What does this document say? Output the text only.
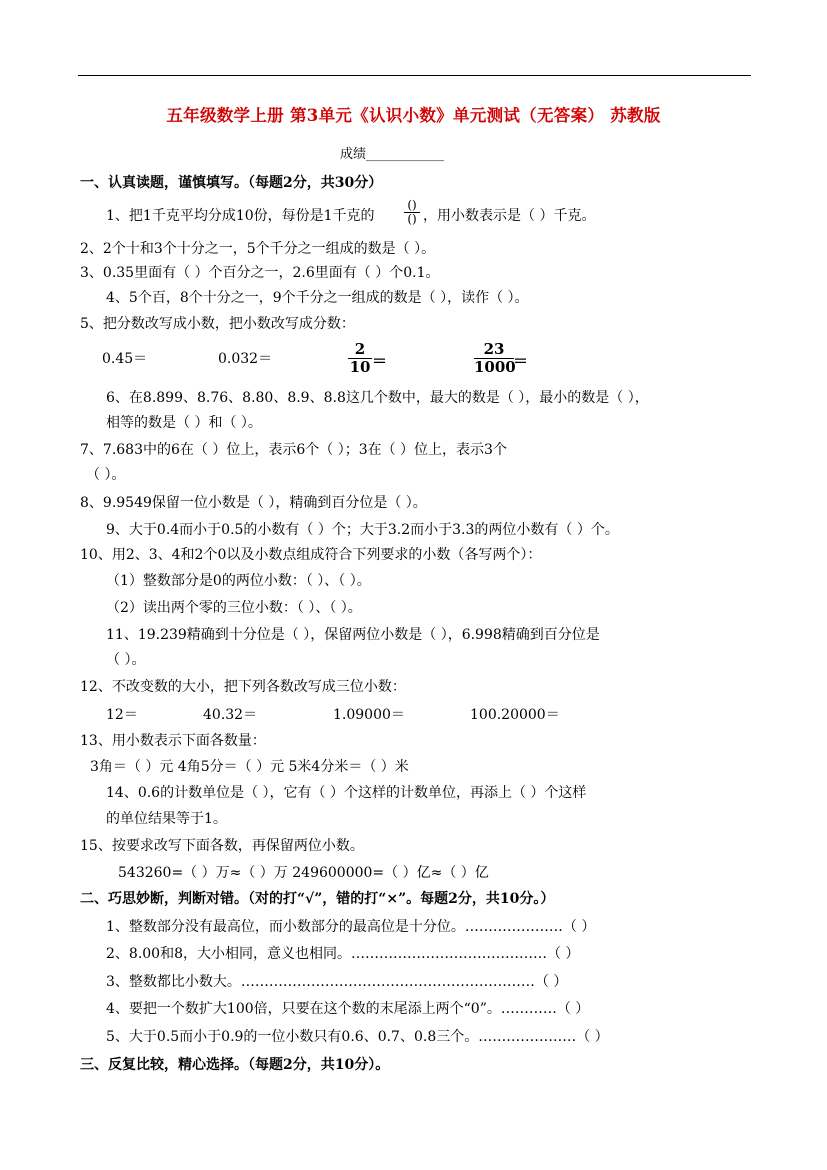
五年级数学上册 第3单元《认识小数》单元测试（无答案） 苏教版
成绩____________
一、认真读题，谨慎填写。（每题2分，共30分）
1、把1千克平均分成10份，每份是1千克的
()
() ，用小数表示是（ ）千克。
2、2个十和3个十分之一，5个千分之一组成的数是（ ）。
3、0.35里面有（ ）个百分之一，2.6里面有（ ）个0.1。
4、5个百，8个十分之一，9个千分之一组成的数是（ ），读作（ ）。
5、把分数改写成小数，把小数改写成分数：
0.45＝	0.032＝	$\frac{2}{10}$ ＝	$\frac{23}{1000}$ ＝
6、在8.899、8.76、8.80、8.9、8.8这几个数中，最大的数是（ ），最小的数是（ ），
相等的数是（ ）和（ ）。
7、7.683中的6在（ ）位上，表示6个（ ）；3在（ ）位上，表示3个
（ ）。
8、9.9549保留一位小数是（ ），精确到百分位是（ ）。
9、大于0.4而小于0.5的小数有（ ）个；大于3.2而小于3.3的两位小数有（ ）个。
10、用2、3、4和2个0以及小数点组成符合下列要求的小数（各写两个）：
（1）整数部分是0的两位小数：（ ）、（ ）。
（2）读出两个零的三位小数：（ ）、（ ）。
11、19.239精确到十分位是（ ），保留两位小数是（ ），6.998精确到百分位是
（ ）。
12、不改变数的大小，把下列各数改写成三位小数：
12＝	40.32＝	1.09000＝	100.20000＝
13、用小数表示下面各数量：
3角＝（ ）元 4角5分＝（ ）元 5米4分米＝（ ）米
14、0.6的计数单位是（ ），它有（ ）个这样的计数单位，再添上（ ）个这样
的单位结果等于1。
15、按要求改写下面各数，再保留两位小数。
543260=（ ）万≈（ ）万 249600000=（ ）亿≈（ ）亿
二、巧思妙断，判断对错。（对的打“√”，错的打“×”。每题2分，共10分。）
1、整数部分没有最高位，而小数部分的最高位是十分位。…………………（ ）
2、8.00和8，大小相同，意义也相同。……………………………………（ ）
3、整数都比小数大。………………………………………………………（ ）
4、要把一个数扩大100倍，只要在这个数的末尾添上两个“0”。…………（ ）
5、大于0.5而小于0.9的一位小数只有0.6、0.7、0.8三个。…………………（ ）
三、反复比较，精心选择。（每题2分，共10分）。
